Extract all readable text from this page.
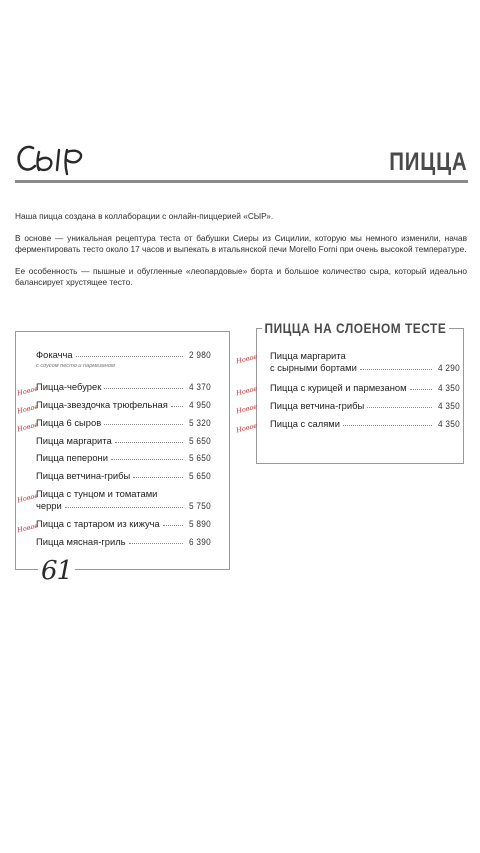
ПИЦЦА

Наша пицца создана в коллаборации с онлайн-пиццерией «СЫР».

В основе — уникальная рецептура теста от бабушки Сиеры из Сицилии, которую мы немного изменили, начав ферментировать тесто около 17 часов и выпекать в итальянской печи Morello Forni при очень высокой температуре.

Ее особенность — пышные и обугленные «леопардовые» борта и большое количество сыра, который идеально балансирует хрустящее тесто.

Фокачча	2 980
с соусом песто и пармезаном
Новое
Пицца-чебурек	4 370
Новое
Пицца-звездочка трюфельная 4 950
Новое
Пицца 6 сыров	5 320
Пицца маргарита	5 650
Пицца пеперони	5 650
Пицца ветчина-грибы	5 650
Новое
Пицца с тунцом и томатами
черри	5 750
Новое
Пицца с тартаром из кижуча	5 890
Пицца мясная-гриль	6 390
61
ПИЦЦА НА СЛОЕНОМ ТЕСТЕ
Новое Пицца маргарита
с сырными бортами	4 290
Новое Пицца с курицей и пармезаном	4 350
Новое Пицца ветчина-грибы	4 350
Новое Пицца с салями	4 350
